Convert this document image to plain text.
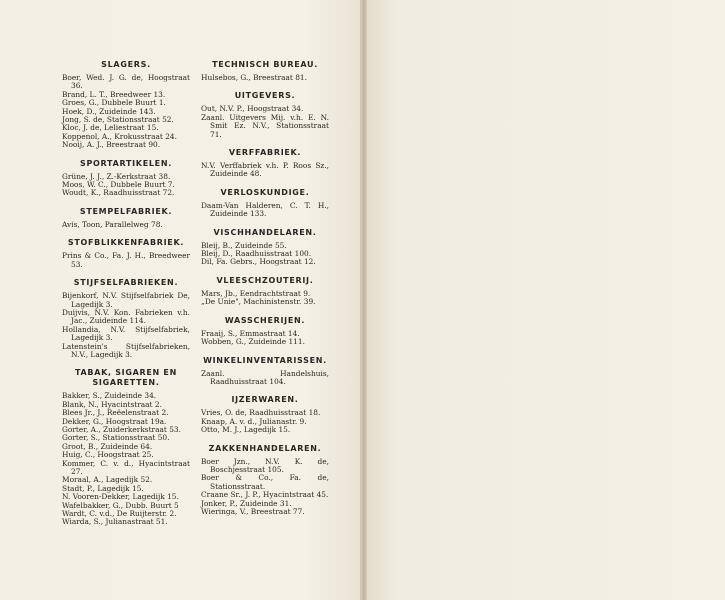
SLAGERS.
Boer, Wed. J. G. de, Hoogstraat 36.
Brand, L. T., Breedweer 13.
Groes, G., Dubbele Buurt 1.
Hoek, D., Zuideinde 143.
Jong, S. de, Stationsstraat 52.
Kloc, J. de, Leliestraat 15.
Koppenol, A., Krokusstraat 24.
Nooij, A. J., Breestraat 90.
SPORTARTIKELEN.
Grüne, J. J., Z.-Kerkstraat 38.
Moos, W. C., Dubbele Buurt 7.
Woudt, K., Raadhuisstraat 72.
STEMPELFABRIEK.
Avis, Toon, Parallelweg 78.
STOFBLIKKENFABRIEK.
Prins & Co., Fa. J. H., Breedweer 53.
STIJFSELFABRIEKEN.
Bijenkorf, N.V. Stijfselfabriek De, Lagedijk 3.
Duijvis, N.V. Kon. Fabrieken v.h. Jac., Zuideinde 114.
Hollandia, N.V. Stijfselfabriek, Lagedijk 3.
Latenstein's Stijfselfabrieken, N.V., Lagedijk 3.
TABAK, SIGAREN EN SIGARETTEN.
Bakker, S., Zuideinde 34.
Blank, N., Hyacintstraat 2.
Blees Jr., J., Reëelenstraat 2.
Dekker, G., Hoogstraat 19a.
Gorter, A., Zuiderkerkstraat 53.
Gorter, S., Stationsstraat 50.
Groot, B., Zuideinde 64.
Huig, C., Hoogstraat 25.
Kommer, C. v. d., Hyacintstraat 27.
Moraal, A., Lagedijk 52.
Stadt, P., Lagedijk 15.
N. Vooren-Dekker, Lagedijk 15.
Wafelbakker, G., Dubb. Buurt 5
Wardt, C. v.d., De Ruijterstr. 2.
Wiarda, S., Julianastraat 51.
TECHNISCH BUREAU.
Hulsebos, G., Breestraat 81.
UITGEVERS.
Out, N.V. P., Hoogstraat 34.
Zaanl. Uitgevers Mij. v.h. E. N. Smit Ez. N.V., Stationsstraat 71.
VERFFABRIEK.
N.V. Verffabriek v.h. P. Roos Sz., Zuideinde 48.
VERLOSKUNDIGE.
Daam-Van Halderen, C. T. H., Zuideinde 133.
VISCHHANDELAREN.
Bleij, B., Zuideinde 55.
Bleij, D., Raadhuisstraat 100.
Dil, Fa. Gebrs., Hoogstraat 12.
VLEESCHZOUTERIJ.
Mars, Jb., Eendrachtstraat 9.
„De Unie", Machinistenstr. 39.
WASSCHERIJEN.
Fraaij, S., Emmastraat 14.
Wobben, G., Zuideinde 111.
WINKELINVENTARISSEN.
Zaanl. Handelshuis, Raadhuisstraat 104.
IJZERWAREN.
Vries, O. de, Raadhuisstraat 18.
Knaap, A. v. d., Julianastr. 9.
Otto, M. J., Lagedijk 15.
ZAKKENHANDELAREN.
Boer Jzn., N.V. K. de, Boschjesstraat 105.
Boer & Co., Fa. de, Stationsstraat.
Craane Sr., J. P., Hyacintstraat 45.
Jonker, P., Zuideinde 31.
Wieringa, V., Breestraat 77.
